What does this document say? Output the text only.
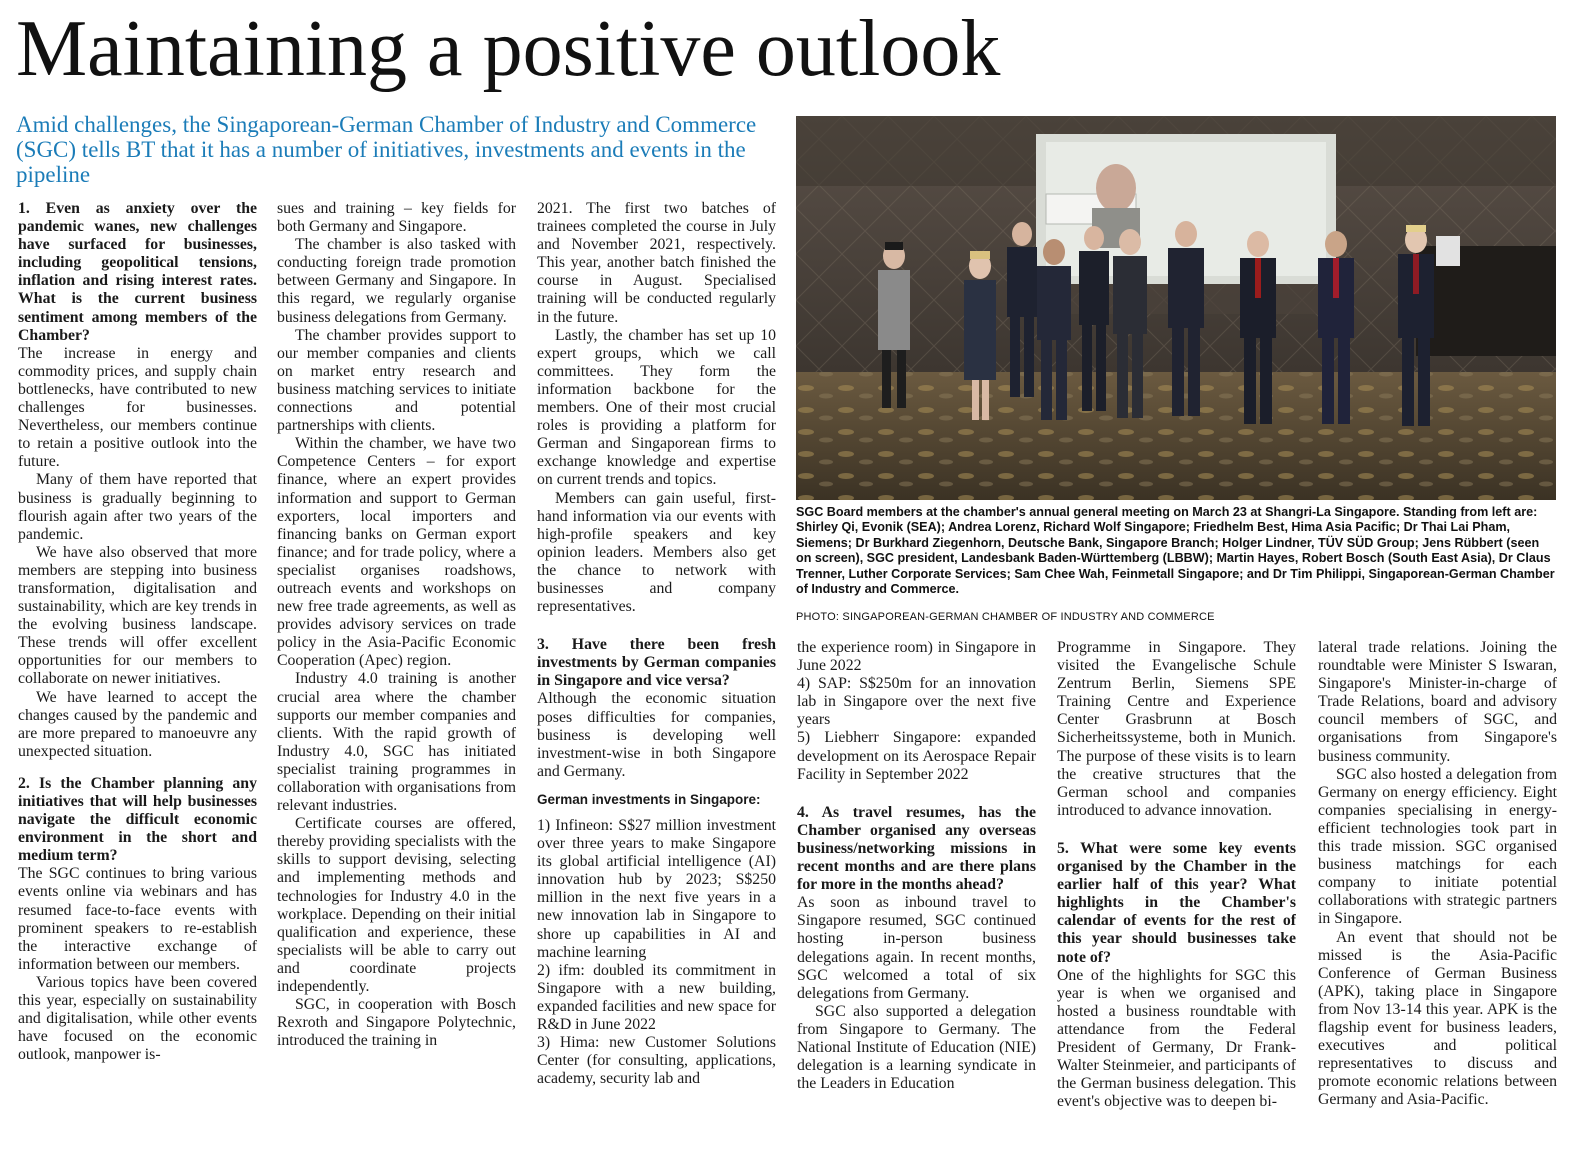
Maintaining a positive outlook

Amid challenges, the Singaporean-German Chamber of Industry and Commerce (SGC) tells BT that it has a number of initiatives, investments and events in the pipeline

1. Even as anxiety over the pandemic wanes, new challenges have surfaced for businesses, including geopolitical tensions, inflation and rising interest rates. What is the current business sentiment among members of the Chamber?

The increase in energy and commodity prices, and supply chain bottlenecks, have contributed to new challenges for businesses. Nevertheless, our members continue to retain a positive outlook into the future.

Many of them have reported that business is gradually beginning to flourish again after two years of the pandemic.

We have also observed that more members are stepping into business transformation, digitalisation and sustainability, which are key trends in the evolving business landscape. These trends will offer excellent opportunities for our members to collaborate on newer initiatives.

We have learned to accept the changes caused by the pandemic and are more prepared to manoeuvre any unexpected situation.

2. Is the Chamber planning any initiatives that will help businesses navigate the difficult economic environment in the short and medium term?

The SGC continues to bring various events online via webinars and has resumed face-to-face events with prominent speakers to re-establish the interactive exchange of information between our members.

Various topics have been covered this year, especially on sustainability and digitalisation, while other events have focused on the economic outlook, manpower is-

sues and training – key fields for both Germany and Singapore.

The chamber is also tasked with conducting foreign trade promotion between Germany and Singapore. In this regard, we regularly organise business delegations from Germany.

The chamber provides support to our member companies and clients on market entry research and business matching services to initiate connections and potential partnerships with clients.

Within the chamber, we have two Competence Centers – for export finance, where an expert provides information and support to German exporters, local importers and financing banks on German export finance; and for trade policy, where a specialist organises roadshows, outreach events and workshops on new free trade agreements, as well as provides advisory services on trade policy in the Asia-Pacific Economic Cooperation (Apec) region.

Industry 4.0 training is another crucial area where the chamber supports our member companies and clients. With the rapid growth of Industry 4.0, SGC has initiated specialist training programmes in collaboration with organisations from relevant industries.

Certificate courses are offered, thereby providing specialists with the skills to support devising, selecting and implementing methods and technologies for Industry 4.0 in the workplace. Depending on their initial qualification and experience, these specialists will be able to carry out and coordinate projects independently.

SGC, in cooperation with Bosch Rexroth and Singapore Polytechnic, introduced the training in

2021. The first two batches of trainees completed the course in July and November 2021, respectively. This year, another batch finished the course in August. Specialised training will be conducted regularly in the future.

Lastly, the chamber has set up 10 expert groups, which we call committees. They form the information backbone for the members. One of their most crucial roles is providing a platform for German and Singaporean firms to exchange knowledge and expertise on current trends and topics.

Members can gain useful, first-hand information via our events with high-profile speakers and key opinion leaders. Members also get the chance to network with businesses and company representatives.

3. Have there been fresh investments by German companies in Singapore and vice versa?

Although the economic situation poses difficulties for companies, business is developing well investment-wise in both Singapore and Germany.

German investments in Singapore:

1) Infineon: S$27 million investment over three years to make Singapore its global artificial intelligence (AI) innovation hub by 2023; S$250 million in the next five years in a new innovation lab in Singapore to shore up capabilities in AI and machine learning

2) ifm: doubled its commitment in Singapore with a new building, expanded facilities and new space for R&D in June 2022

3) Hima: new Customer Solutions Center (for consulting, applications, academy, security lab and

SGC Board members at the chamber's annual general meeting on March 23 at Shangri-La Singapore. Standing from left are: Shirley Qi, Evonik (SEA); Andrea Lorenz, Richard Wolf Singapore; Friedhelm Best, Hima Asia Pacific; Dr Thai Lai Pham, Siemens; Dr Burkhard Ziegenhorn, Deutsche Bank, Singapore Branch; Holger Lindner, TÜV SÜD Group; Jens Rübbert (seen on screen), SGC president, Landesbank Baden-Württemberg (LBBW); Martin Hayes, Robert Bosch (South East Asia), Dr Claus Trenner, Luther Corporate Services; Sam Chee Wah, Feinmetall Singapore; and Dr Tim Philippi, Singaporean-German Chamber of Industry and Commerce.

PHOTO: SINGAPOREAN-GERMAN CHAMBER OF INDUSTRY AND COMMERCE

the experience room) in Singapore in June 2022

4) SAP: S$250m for an innovation lab in Singapore over the next five years

5) Liebherr Singapore: expanded development on its Aerospace Repair Facility in September 2022

4. As travel resumes, has the Chamber organised any overseas business/networking missions in recent months and are there plans for more in the months ahead?

As soon as inbound travel to Singapore resumed, SGC continued hosting in-person business delegations again. In recent months, SGC welcomed a total of six delegations from Germany.

SGC also supported a delegation from Singapore to Germany. The National Institute of Education (NIE) delegation is a learning syndicate in the Leaders in Education

Programme in Singapore. They visited the Evangelische Schule Zentrum Berlin, Siemens SPE Training Centre and Experience Center Grasbrunn at Bosch Sicherheitssysteme, both in Munich. The purpose of these visits is to learn the creative structures that the German school and companies introduced to advance innovation.

5. What were some key events organised by the Chamber in the earlier half of this year? What highlights in the Chamber's calendar of events for the rest of this year should businesses take note of?

One of the highlights for SGC this year is when we organised and hosted a business roundtable with attendance from the Federal President of Germany, Dr Frank-Walter Steinmeier, and participants of the German business delegation. This event's objective was to deepen bi-

lateral trade relations. Joining the roundtable were Minister S Iswaran, Singapore's Minister-in-charge of Trade Relations, board and advisory council members of SGC, and organisations from Singapore's business community.

SGC also hosted a delegation from Germany on energy efficiency. Eight companies specialising in energy-efficient technologies took part in this trade mission. SGC organised business matchings for each company to initiate potential collaborations with strategic partners in Singapore.

An event that should not be missed is the Asia-Pacific Conference of German Business (APK), taking place in Singapore from Nov 13-14 this year. APK is the flagship event for business leaders, executives and political representatives to discuss and promote economic relations between Germany and Asia-Pacific.
